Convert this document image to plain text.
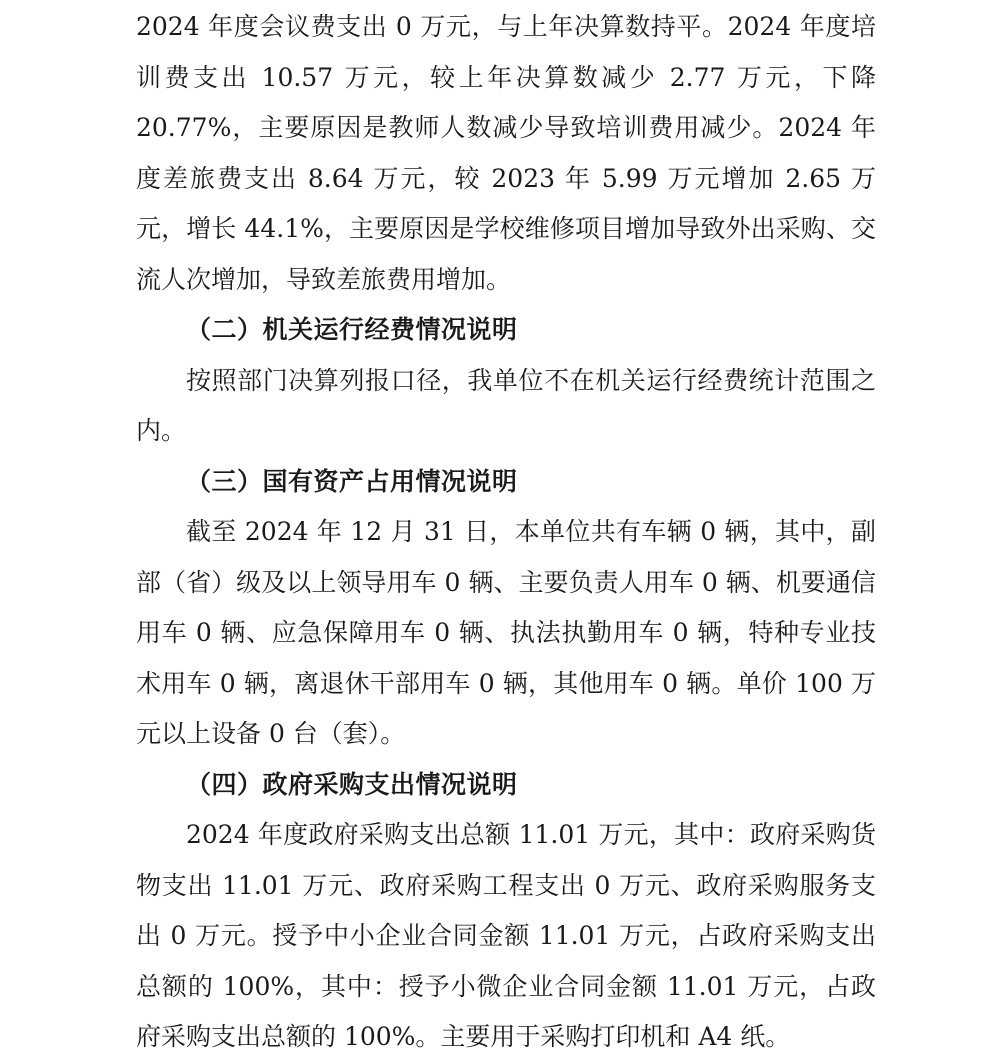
2024 年度会议费支出 0 万元，与上年决算数持平。2024 年度培训费支出 10.57 万元，较上年决算数减少 2.77 万元，下降 20.77%，主要原因是教师人数减少导致培训费用减少。2024 年度差旅费支出 8.64 万元，较 2023 年 5.99 万元增加 2.65 万元，增长 44.1%，主要原因是学校维修项目增加导致外出采购、交流人次增加，导致差旅费用增加。

（二）机关运行经费情况说明

按照部门决算列报口径，我单位不在机关运行经费统计范围之内。

（三）国有资产占用情况说明

截至 2024 年 12 月 31 日，本单位共有车辆 0 辆，其中，副部（省）级及以上领导用车 0 辆、主要负责人用车 0 辆、机要通信用车 0 辆、应急保障用车 0 辆、执法执勤用车 0 辆，特种专业技术用车 0 辆，离退休干部用车 0 辆，其他用车 0 辆。单价 100 万元以上设备 0 台（套）。

（四）政府采购支出情况说明

2024 年度政府采购支出总额 11.01 万元，其中：政府采购货物支出 11.01 万元、政府采购工程支出 0 万元、政府采购服务支出 0 万元。授予中小企业合同金额 11.01 万元，占政府采购支出总额的 100%，其中：授予小微企业合同金额 11.01 万元，占政府采购支出总额的 100%。主要用于采购打印机和 A4 纸。
